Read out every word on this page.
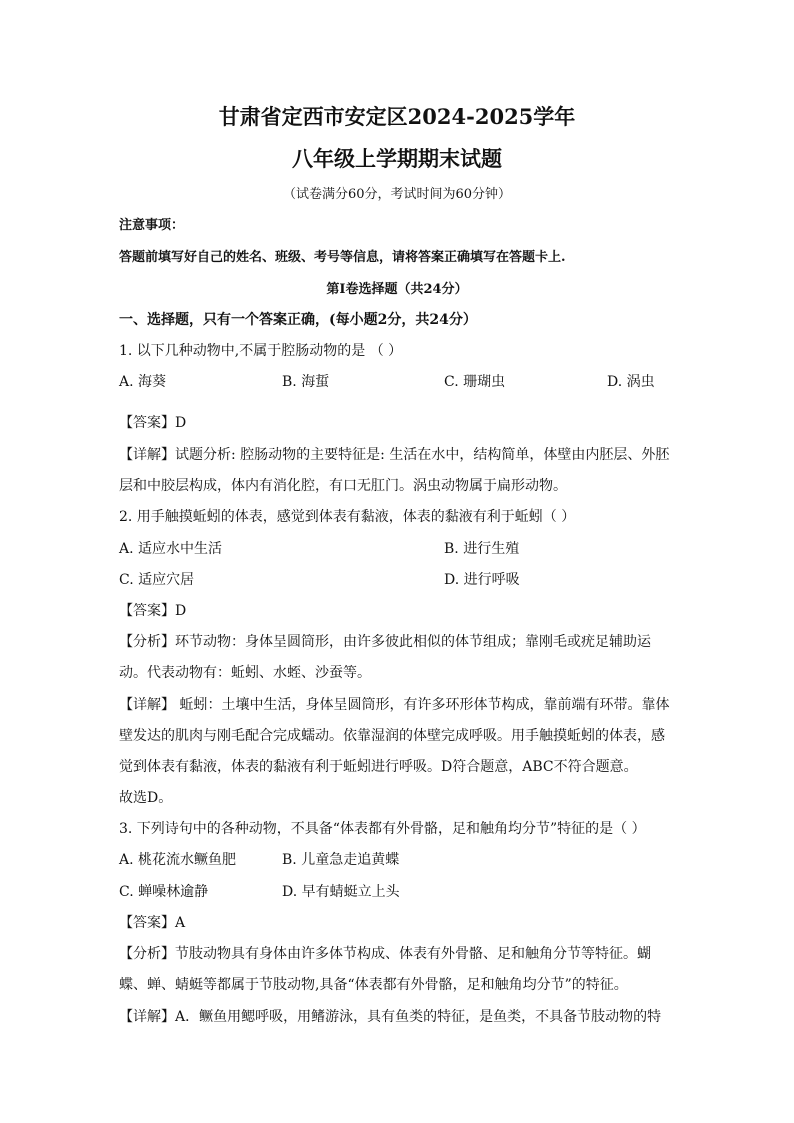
甘肃省定西市安定区2024-2025学年
八年级上学期期末试题
（试卷满分60分，考试时间为60分钟）
注意事项：
答题前填写好自己的姓名、班级、考号等信息，请将答案正确填写在答题卡上.
第I卷选择题（共24分）
一、选择题，只有一个答案正确，(每小题2分，共24分）
1. 以下几种动物中,不属于腔肠动物的是 （ ）
A. 海葵	B. 海蜇	C. 珊瑚虫	D. 涡虫
【答案】D
【详解】试题分析: 腔肠动物的主要特征是: 生活在水中，结构简单，体壁由内胚层、外胚
层和中胶层构成，体内有消化腔，有口无肛门。涡虫动物属于扁形动物。
2. 用手触摸蚯蚓的体表，感觉到体表有黏液，体表的黏液有利于蚯蚓（ ）
A. 适应水中生活	B. 进行生殖
C. 适应穴居	D. 进行呼吸
【答案】D
【分析】环节动物：身体呈圆筒形，由许多彼此相似的体节组成；靠刚毛或疣足辅助运
动。代表动物有：蚯蚓、水蛭、沙蚕等。
【详解】 蚯蚓：土壤中生活，身体呈圆筒形，有许多环形体节构成，靠前端有环带。靠体
壁发达的肌肉与刚毛配合完成蠕动。依靠湿润的体壁完成呼吸。用手触摸蚯蚓的体表，感
觉到体表有黏液，体表的黏液有利于蚯蚓进行呼吸。D符合题意，ABC不符合题意。
故选D。
3. 下列诗句中的各种动物，不具备“体表都有外骨骼，足和触角均分节”特征的是（ ）
A. 桃花流水鳜鱼肥	B. 儿童急走追黄蝶
C. 蝉噪林逾静	D. 早有蜻蜓立上头
【答案】A
【分析】节肢动物具有身体由许多体节构成、体表有外骨骼、足和触角分节等特征。蝴
蝶、蝉、蜻蜓等都属于节肢动物,具备“体表都有外骨骼，足和触角均分节”的特征。
【详解】A．鳜鱼用鳃呼吸，用鳍游泳，具有鱼类的特征，是鱼类，不具备节肢动物的特
